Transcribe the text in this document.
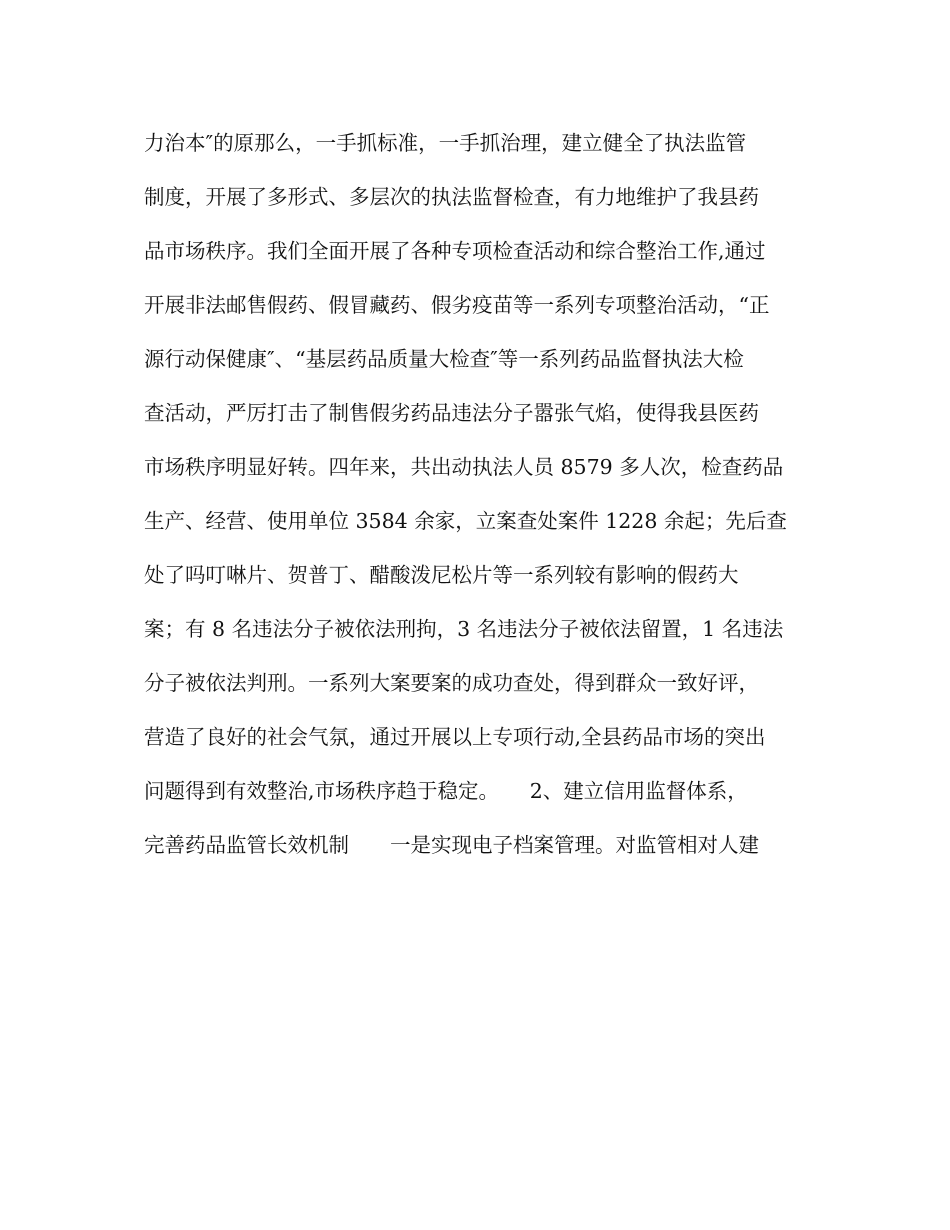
力治本″的原那么，一手抓标准，一手抓治理，建立健全了执法监管

制度，开展了多形式、多层次的执法监督检查，有力地维护了我县药

品市场秩序。我们全面开展了各种专项检查活动和综合整治工作,通过

开展非法邮售假药、假冒藏药、假劣疫苗等一系列专项整治活动，“正

源行动保健康″、“基层药品质量大检查″等一系列药品监督执法大检

查活动，严厉打击了制售假劣药品违法分子嚣张气焰，使得我县医药

市场秩序明显好转。四年来，共出动执法人员 8579 多人次，检查药品

生产、经营、使用单位 3584 余家，立案查处案件 1228 余起；先后查

处了吗叮啉片、贺普丁、醋酸泼尼松片等一系列较有影响的假药大

案；有 8 名违法分子被依法刑拘，3 名违法分子被依法留置，1 名违法

分子被依法判刑。一系列大案要案的成功查处，得到群众一致好评，

营造了良好的社会气氛，通过开展以上专项行动,全县药品市场的突出

问题得到有效整治,市场秩序趋于稳定。　　2、建立信用监督体系，

完善药品监管长效机制　　一是实现电子档案管理。对监管相对人建
